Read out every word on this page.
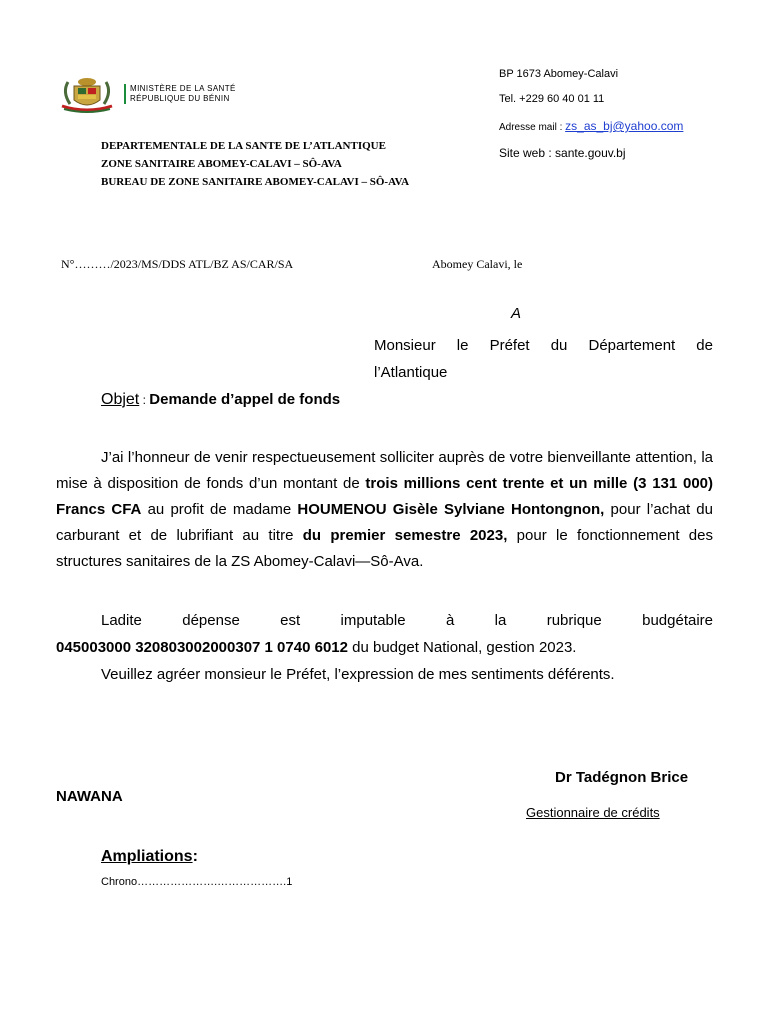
MINISTÈRE DE LA SANTÉ
RÉPUBLIQUE DU BÉNIN
BP 1673 Abomey-Calavi
Tel. +229 60 40 01 11
Adresse mail : zs_as_bj@yahoo.com
Site web : sante.gouv.bj
DEPARTEMENTALE DE LA SANTE DE L’ATLANTIQUE
ZONE SANITAIRE ABOMEY-CALAVI – SÔ-AVA
BUREAU DE ZONE SANITAIRE ABOMEY-CALAVI – SÔ-AVA
N°………/2023/MS/DDS ATL/BZ AS/CAR/SA	Abomey Calavi, le
A
Monsieur le Préfet du Département de
l’Atlantique
Objet : Demande d’appel de fonds
J’ai l’honneur de venir respectueusement solliciter auprès de votre bienveillante attention, la mise à disposition de fonds d’un montant de trois millions cent trente et un mille (3 131 000) Francs CFA au profit de madame HOUMENOU Gisèle Sylviane Hontongnon, pour l’achat du carburant et de lubrifiant au titre du premier semestre 2023, pour le fonctionnement des structures sanitaires de la ZS Abomey-Calavi—Sô-Ava.
Ladite dépense est imputable à la rubrique budgétaire
045003000 320803002000307 1 0740 6012 du budget National, gestion 2023.
Veuillez agréer monsieur le Préfet, l’expression de mes sentiments déférents.
Dr Tadégnon Brice
NAWANA
Gestionnaire de crédits
Ampliations:
Chrono………………….……………….1
